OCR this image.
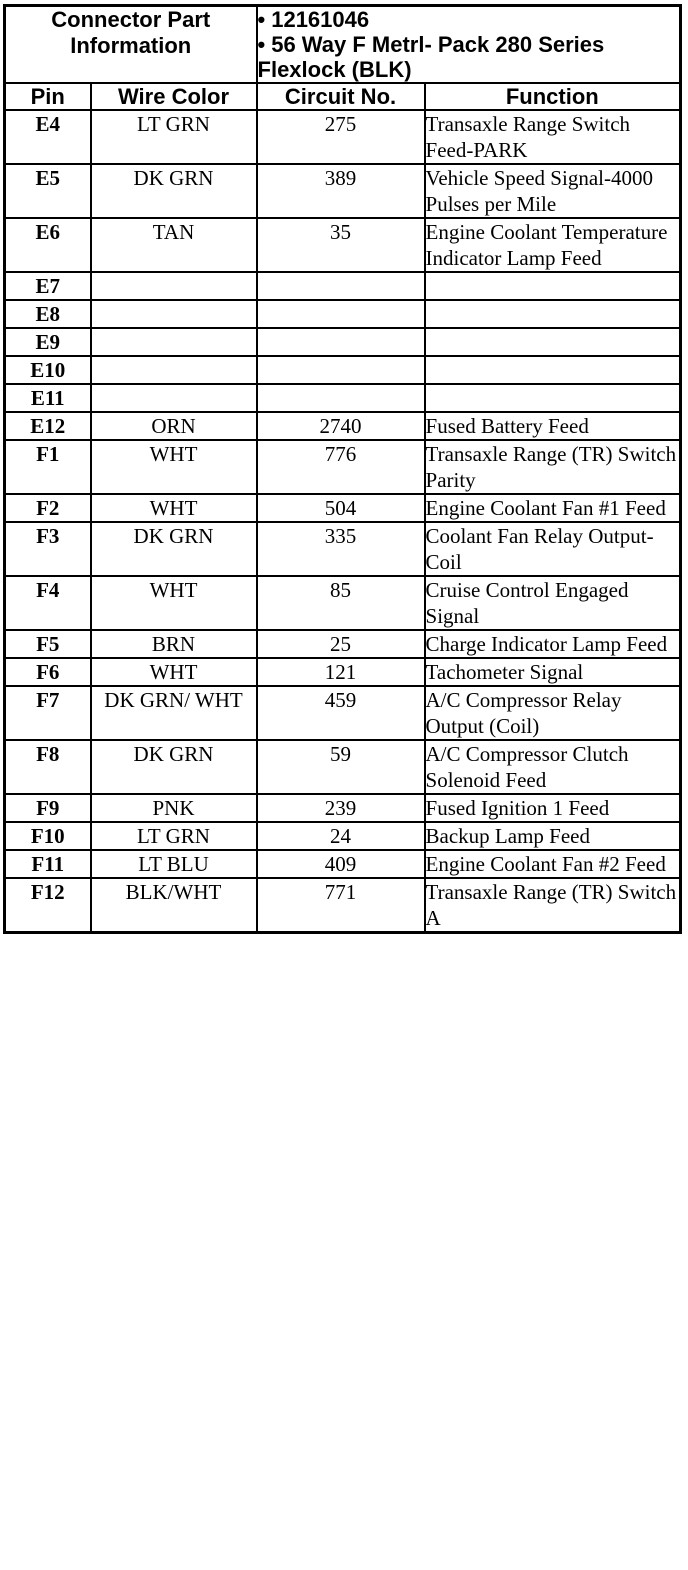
Connector Part Information		• 12161046
• 56 Way F Metrl- Pack 280 Series Flexlock (BLK)	

Pin	Wire Color	Circuit No.	Function
E4	LT GRN	275	Transaxle Range Switch Feed-PARK
E5	DK GRN	389	Vehicle Speed Signal-4000 Pulses per Mile
E6	TAN	35	Engine Coolant Temperature Indicator Lamp Feed
E7			
E8			
E9			
E10			
E11			
E12	ORN	2740	Fused Battery Feed
F1	WHT	776	Transaxle Range (TR) Switch Parity
F2	WHT	504	Engine Coolant Fan #1 Feed
F3	DK GRN	335	Coolant Fan Relay Output-Coil
F4	WHT	85	Cruise Control Engaged Signal
F5	BRN	25	Charge Indicator Lamp Feed
F6	WHT	121	Tachometer Signal
F7	DK GRN/ WHT	459	A/C Compressor Relay Output (Coil)
F8	DK GRN	59	A/C Compressor Clutch Solenoid Feed
F9	PNK	239	Fused Ignition 1 Feed
F10	LT GRN	24	Backup Lamp Feed
F11	LT BLU	409	Engine Coolant Fan #2 Feed
F12	BLK/WHT	771	Transaxle Range (TR) Switch A
